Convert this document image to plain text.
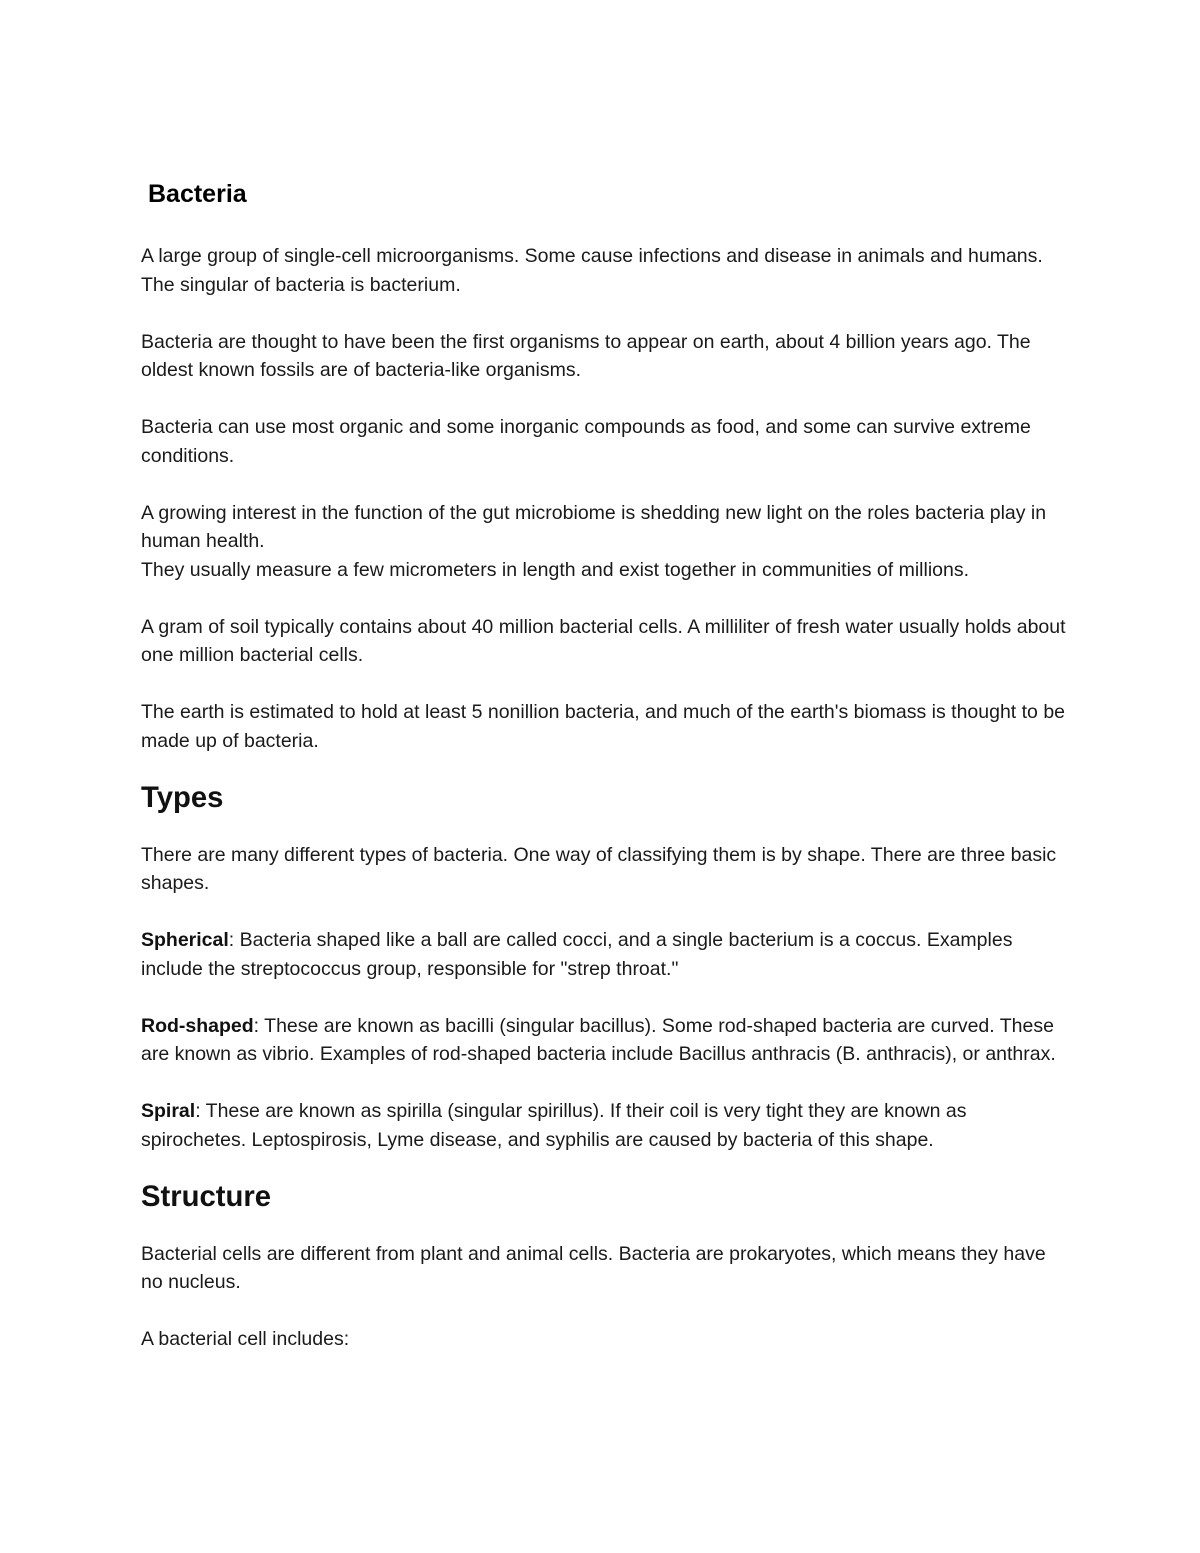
Bacteria

A large group of single-cell microorganisms. Some cause infections and disease in animals and humans. The singular of bacteria is bacterium.

Bacteria are thought to have been the first organisms to appear on earth, about 4 billion years ago. The oldest known fossils are of bacteria-like organisms.

Bacteria can use most organic and some inorganic compounds as food, and some can survive extreme conditions.

A growing interest in the function of the gut microbiome is shedding new light on the roles bacteria play in human health.

They usually measure a few micrometers in length and exist together in communities of millions.

A gram of soil typically contains about 40 million bacterial cells. A milliliter of fresh water usually holds about one million bacterial cells.

The earth is estimated to hold at least 5 nonillion bacteria, and much of the earth's biomass is thought to be made up of bacteria.

Types

There are many different types of bacteria. One way of classifying them is by shape. There are three basic shapes.

Spherical: Bacteria shaped like a ball are called cocci, and a single bacterium is a coccus. Examples include the streptococcus group, responsible for "strep throat."

Rod-shaped: These are known as bacilli (singular bacillus). Some rod-shaped bacteria are curved. These are known as vibrio. Examples of rod-shaped bacteria include Bacillus anthracis (B. anthracis), or anthrax.

Spiral: These are known as spirilla (singular spirillus). If their coil is very tight they are known as spirochetes. Leptospirosis, Lyme disease, and syphilis are caused by bacteria of this shape.

Structure

Bacterial cells are different from plant and animal cells. Bacteria are prokaryotes, which means they have no nucleus.

A bacterial cell includes:
